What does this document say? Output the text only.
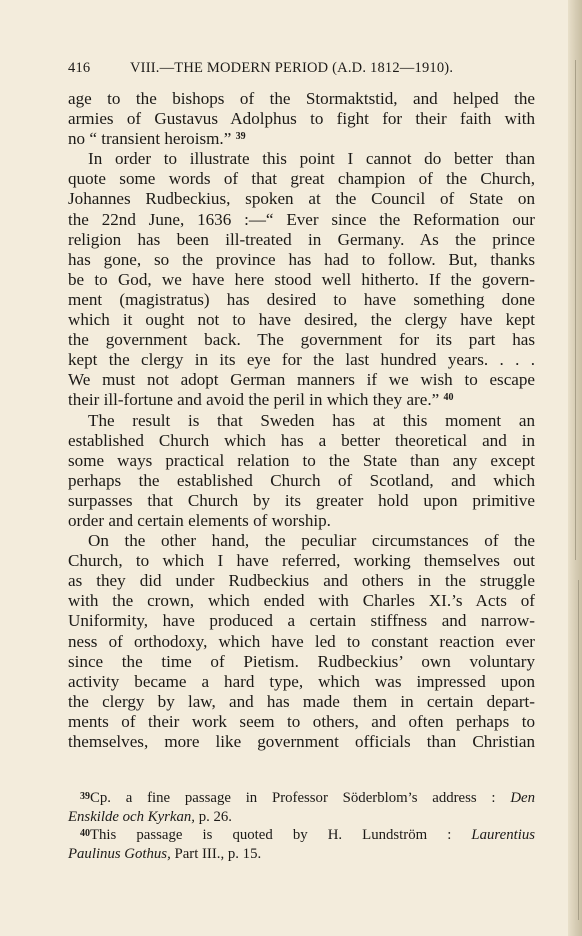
416	VIII.—THE MODERN PERIOD (A.D. 1812—1910).
age to the bishops of the Stormaktstid, and helped the
armies of Gustavus Adolphus to fight for their faith with
no “ transient heroism.” $^{39}$
In order to illustrate this point I cannot do better than
quote some words of that great champion of the Church,
Johannes Rudbeckius, spoken at the Council of State on
the 22nd June, 1636 :—“ Ever since the Reformation our
religion has been ill-treated in Germany. As the prince
has gone, so the province has had to follow. But, thanks
be to God, we have here stood well hitherto. If the govern-
ment (magistratus) has desired to have something done
which it ought not to have desired, the clergy have kept
the government back. The government for its part has
kept the clergy in its eye for the last hundred years. . . .
We must not adopt German manners if we wish to escape
their ill-fortune and avoid the peril in which they are.” $^{40}$
The result is that Sweden has at this moment an
established Church which has a better theoretical and in
some ways practical relation to the State than any except
perhaps the established Church of Scotland, and which
surpasses that Church by its greater hold upon primitive
order and certain elements of worship.
On the other hand, the peculiar circumstances of the
Church, to which I have referred, working themselves out
as they did under Rudbeckius and others in the struggle
with the crown, which ended with Charles XI.’s Acts of
Uniformity, have produced a certain stiffness and narrow-
ness of orthodoxy, which have led to constant reaction ever
since the time of Pietism. Rudbeckius’ own voluntary
activity became a hard type, which was impressed upon
the clergy by law, and has made them in certain depart-
ments of their work seem to others, and often perhaps to
themselves, more like government officials than Christian
$^{39}$Cp. a fine passage in Professor Söderblom’s address : Den
Enskilde och Kyrkan, p. 26.
$^{40}$This passage is quoted by H. Lundström : Laurentius
Paulinus Gothus, Part III., p. 15.
